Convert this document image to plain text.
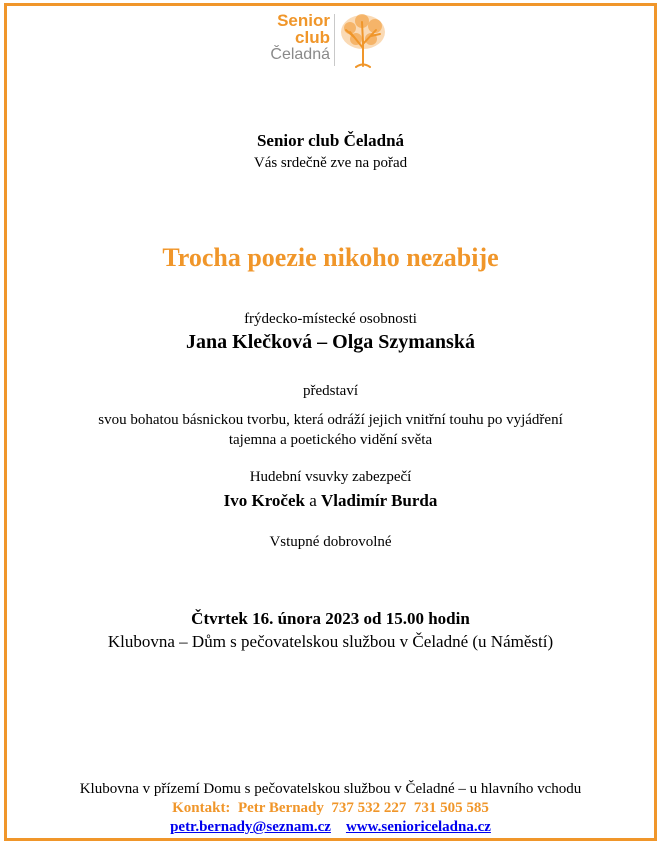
Senior
club
Čeladná
Senior club Čeladná
Vás srdečně zve na pořad
Trocha poezie nikoho nezabije
frýdecko-místecké osobnosti
Jana Klečková – Olga Szymanská
představí
svou bohatou básnickou tvorbu, která odráží jejich vnitřní touhu po vyjádření
tajemna a poetického vidění světa
Hudební vsuvky zabezpečí
Ivo Kroček a Vladimír Burda
Vstupné dobrovolné
Čtvrtek 16. února 2023 od 15.00 hodin
Klubovna – Dům s pečovatelskou službou v Čeladné (u Náměstí)
Klubovna v přízemí Domu s pečovatelskou službou v Čeladné – u hlavního vchodu
Kontakt: Petr Bernady 737 532 227 731 505 585
petr.bernady@seznam.cz www.senioriceladna.cz
